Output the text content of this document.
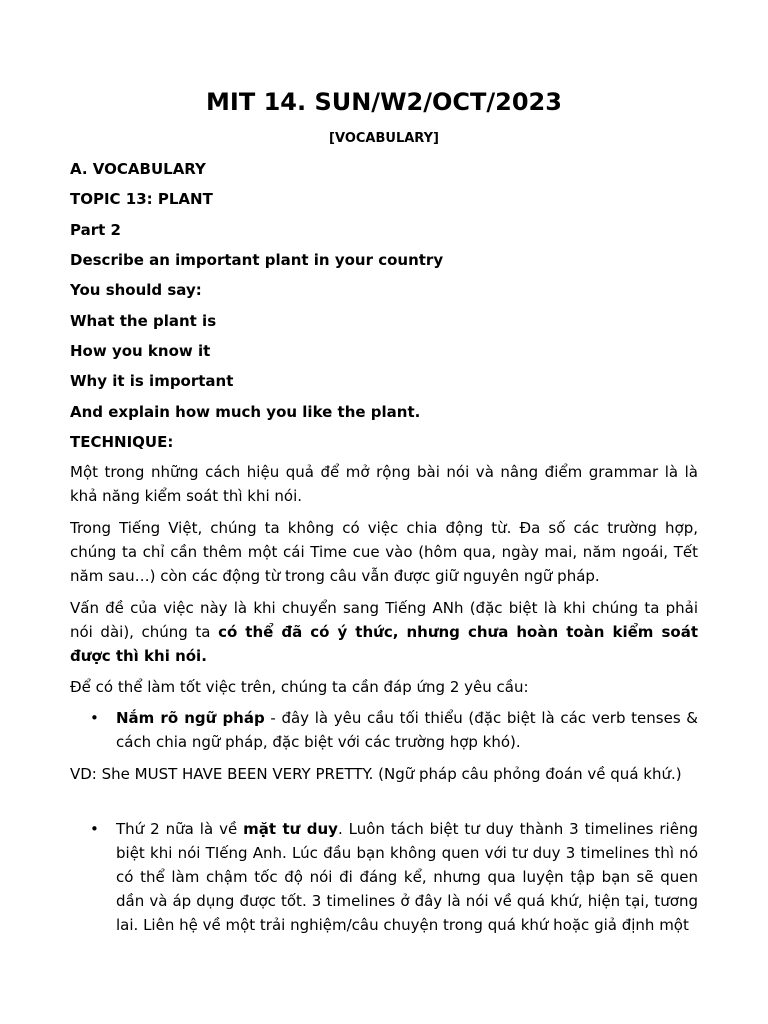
MIT 14. SUN/W2/OCT/2023
[VOCABULARY]
A. VOCABULARY
TOPIC 13: PLANT
Part 2
Describe an important plant in your country
You should say:
What the plant is
How you know it
Why it is important
And explain how much you like the plant.
TECHNIQUE:

Một trong những cách hiệu quả để mở rộng bài nói và nâng điểm grammar là là khả năng kiểm soát thì khi nói.

Trong Tiếng Việt, chúng ta không có việc chia động từ. Đa số các trường hợp, chúng ta chỉ cần thêm một cái Time cue vào (hôm qua, ngày mai, năm ngoái, Tết năm sau…) còn các động từ trong câu vẫn được giữ nguyên ngữ pháp.

Vấn đề của việc này là khi chuyển sang Tiếng ANh (đặc biệt là khi chúng ta phải nói dài), chúng ta có thể đã có ý thức, nhưng chưa hoàn toàn kiểm soát được thì khi nói.

Để có thể làm tốt việc trên, chúng ta cần đáp ứng 2 yêu cầu:

• Nắm rõ ngữ pháp - đây là yêu cầu tối thiểu (đặc biệt là các verb tenses & cách chia ngữ pháp, đặc biệt với các trường hợp khó).

VD: She MUST HAVE BEEN VERY PRETTY. (Ngữ pháp câu phỏng đoán về quá khứ.)

• Thứ 2 nữa là về mặt tư duy. Luôn tách biệt tư duy thành 3 timelines riêng biệt khi nói TIếng Anh. Lúc đầu bạn không quen với tư duy 3 timelines thì nó có thể làm chậm tốc độ nói đi đáng kể, nhưng qua luyện tập bạn sẽ quen dần và áp dụng được tốt. 3 timelines ở đây là nói về quá khứ, hiện tại, tương lai. Liên hệ về một trải nghiệm/câu chuyện trong quá khứ hoặc giả định một
